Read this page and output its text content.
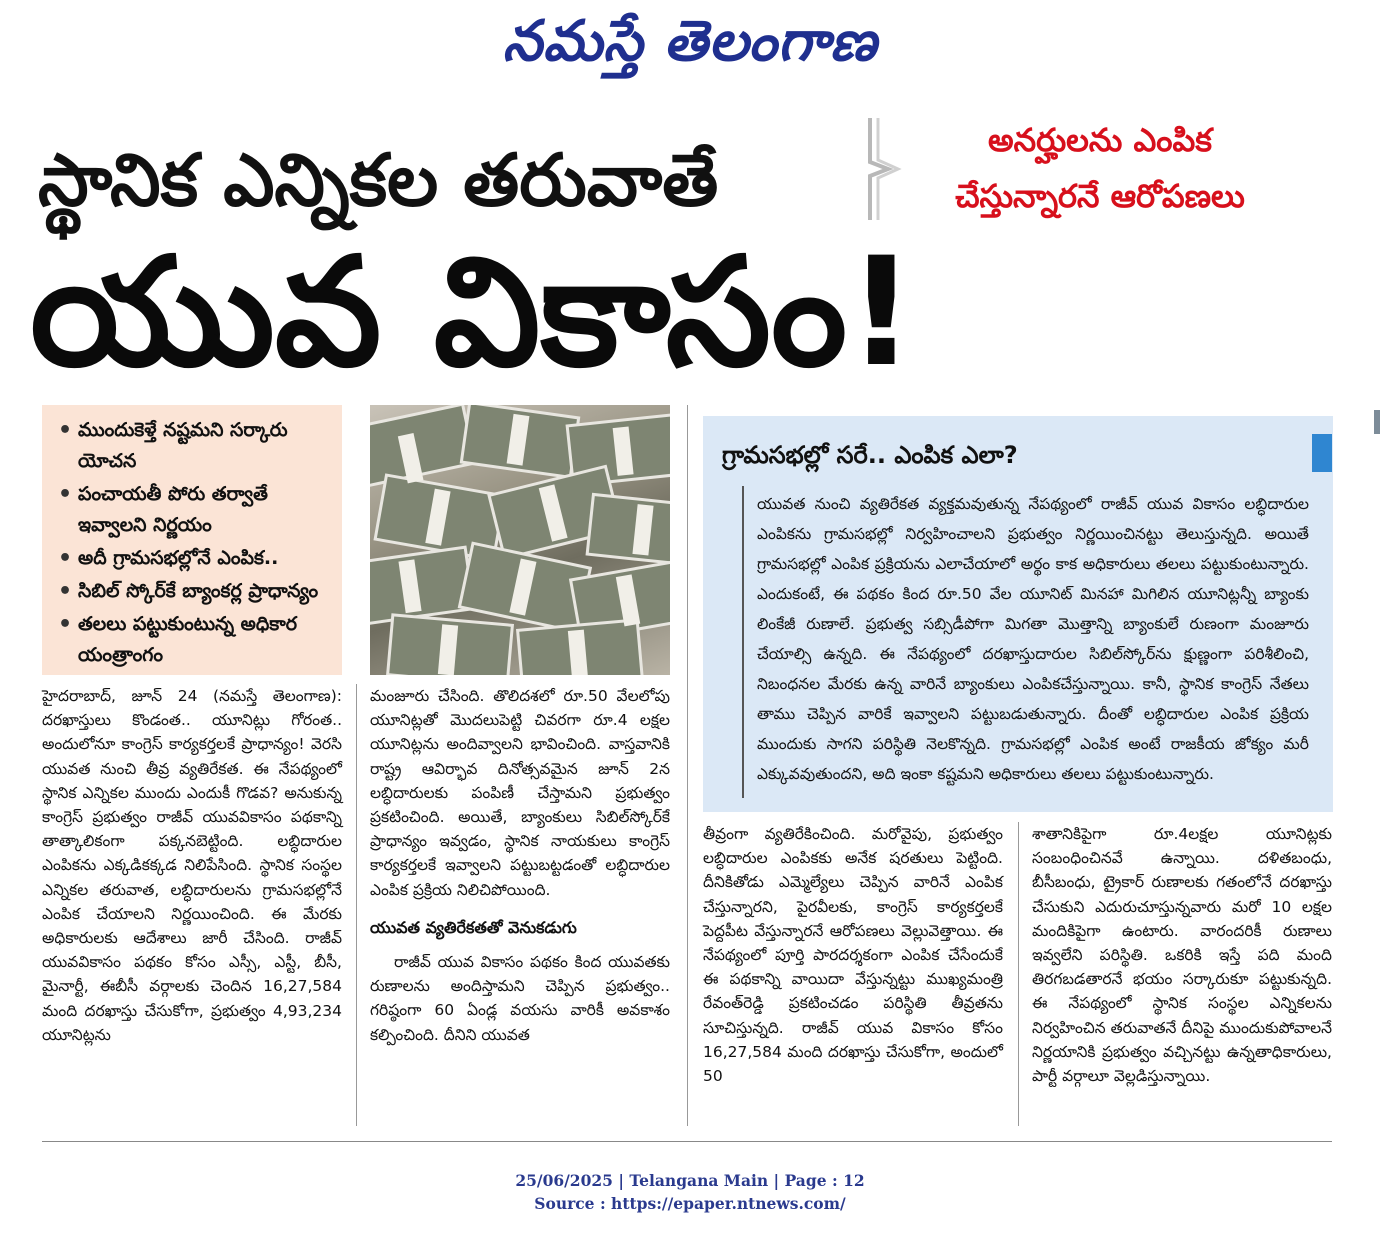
నమస్తే తెలంగాణ
స్థానిక ఎన్నికల తరువాతే	అనర్హులను ఎంపిక
చేస్తున్నారనే ఆరోపణలు
యువ వికాసం!
• ముందుకెళ్తే నష్టమని సర్కారు యోచన
• పంచాయతీ పోరు తర్వాతే ఇవ్వాలని నిర్ణయం
• అదీ గ్రామసభల్లోనే ఎంపిక..
• సిబిల్ స్కోర్‌కే బ్యాంకర్ల ప్రాధాన్యం
• తలలు పట్టుకుంటున్న అధికార యంత్రాంగం
గ్రామసభల్లో సరే.. ఎంపిక ఎలా?
యువత నుంచి వ్యతిరేకత వ్యక్తమవుతున్న నేపథ్యంలో రాజీవ్ యువ వికాసం లబ్ధిదారుల ఎంపికను గ్రామసభల్లో నిర్వహించాలని ప్రభుత్వం నిర్ణయించినట్టు తెలుస్తున్నది. అయితే గ్రామసభల్లో ఎంపిక ప్రక్రియను ఎలాచేయాలో అర్థం కాక అధికారులు తలలు పట్టుకుంటున్నారు. ఎందుకంటే, ఈ పథకం కింద రూ.50 వేల యూనిట్ మినహా మిగిలిన యూనిట్లన్నీ బ్యాంకు లింకేజీ రుణాలే. ప్రభుత్వ సబ్సిడీపోగా మిగతా మొత్తాన్ని బ్యాంకులే రుణంగా మంజూరు చేయాల్సి ఉన్నది. ఈ నేపథ్యంలో దరఖాస్తుదారుల సిబిల్‌స్కోర్‌ను క్షుణ్ణంగా పరిశీలించి, నిబంధనల మేరకు ఉన్న వారినే బ్యాంకులు ఎంపికచేస్తున్నాయి. కానీ, స్థానిక కాంగ్రెస్ నేతలు తాము చెప్పిన వారికే ఇవ్వాలని పట్టుబడుతున్నారు. దీంతో లబ్ధిదారుల ఎంపిక ప్రక్రియ ముందుకు సాగని పరిస్థితి నెలకొన్నది. గ్రామసభల్లో ఎంపిక అంటే రాజకీయ జోక్యం మరీ ఎక్కువవుతుందని, అది ఇంకా కష్టమని అధికారులు తలలు పట్టుకుంటున్నారు.
హైదరాబాద్, జూన్ 24 (నమస్తే తెలంగాణ): దరఖాస్తులు కొండంత.. యూనిట్లు గోరంత.. అందులోనూ కాంగ్రెస్ కార్యకర్తలకే ప్రాధాన్యం! వెరసి యువత నుంచి తీవ్ర వ్యతిరేకత. ఈ నేపథ్యంలో స్థానిక ఎన్నికల ముందు ఎందుకీ గొడవ? అనుకున్న కాంగ్రెస్ ప్రభుత్వం రాజీవ్ యువవికాసం పథకాన్ని తాత్కాలికంగా పక్కనబెట్టింది. లబ్ధిదారుల ఎంపికను ఎక్కడికక్కడ నిలిపేసింది. స్థానిక సంస్థల ఎన్నికల తరువాత, లబ్ధిదారులను గ్రామసభల్లోనే ఎంపిక చేయాలని నిర్ణయించింది. ఈ మేరకు అధికారులకు ఆదేశాలు జారీ చేసింది. రాజీవ్ యువవికాసం పథకం కోసం ఎస్సీ, ఎస్టీ, బీసీ, మైనార్టీ, ఈబీసీ వర్గాలకు చెందిన 16,27,584 మంది దరఖాస్తు చేసుకోగా, ప్రభుత్వం 4,93,234 యూనిట్లను
మంజూరు చేసింది. తొలిదశలో రూ.50 వేలలోపు యూనిట్లతో మొదలుపెట్టి చివరగా రూ.4 లక్షల యూనిట్లను అందివ్వాలని భావించింది. వాస్తవానికి రాష్ట్ర ఆవిర్భావ దినోత్సవమైన జూన్ 2న లబ్ధిదారులకు పంపిణీ చేస్తామని ప్రభుత్వం ప్రకటించింది. అయితే, బ్యాంకులు సిబిల్‌స్కోర్‌కే ప్రాధాన్యం ఇవ్వడం, స్థానిక నాయకులు కాంగ్రెస్ కార్యకర్తలకే ఇవ్వాలని పట్టుబట్టడంతో లబ్ధిదారుల ఎంపిక ప్రక్రియ నిలిచిపోయింది.
యువత వ్యతిరేకతతో వెనుకడుగు
రాజీవ్ యువ వికాసం పథకం కింద యువతకు రుణాలను అందిస్తామని చెప్పిన ప్రభుత్వం.. గరిష్ఠంగా 60 ఏండ్ల వయసు వారికీ అవకాశం కల్పించింది. దీనిని యువత
తీవ్రంగా వ్యతిరేకించింది. మరోవైపు, ప్రభుత్వం లబ్ధిదారుల ఎంపికకు అనేక షరతులు పెట్టింది. దీనికితోడు ఎమ్మెల్యేలు చెప్పిన వారినే ఎంపిక చేస్తున్నారని, పైరవీలకు, కాంగ్రెస్ కార్యకర్తలకే పెద్దపీట వేస్తున్నారనే ఆరోపణలు వెల్లువెత్తాయి. ఈ నేపథ్యంలో పూర్తి పారదర్శకంగా ఎంపిక చేసేందుకే ఈ పథకాన్ని వాయిదా వేస్తున్నట్టు ముఖ్యమంత్రి రేవంత్‌రెడ్డి ప్రకటించడం పరిస్థితి తీవ్రతను సూచిస్తున్నది. రాజీవ్ యువ వికాసం కోసం 16,27,584 మంది దరఖాస్తు చేసుకోగా, అందులో 50
శాతానికిపైగా రూ.4లక్షల యూనిట్లకు సంబంధించినవే ఉన్నాయి. దళితబంధు, బీసీబంధు, ట్రైకార్ రుణాలకు గతంలోనే దరఖాస్తు చేసుకుని ఎదురుచూస్తున్నవారు మరో 10 లక్షల మందికిపైగా ఉంటారు. వారందరికీ రుణాలు ఇవ్వలేని పరిస్థితి. ఒకరికి ఇస్తే పది మంది తిరగబడతారనే భయం సర్కారుకూ పట్టుకున్నది. ఈ నేపథ్యంలో స్థానిక సంస్థల ఎన్నికలను నిర్వహించిన తరువాతనే దీనిపై ముందుకుపోవాలనే నిర్ణయానికి ప్రభుత్వం వచ్చినట్టు ఉన్నతాధికారులు, పార్టీ వర్గాలూ వెల్లడిస్తున్నాయి.
25/06/2025 | Telangana Main | Page : 12
Source : https://epaper.ntnews.com/
